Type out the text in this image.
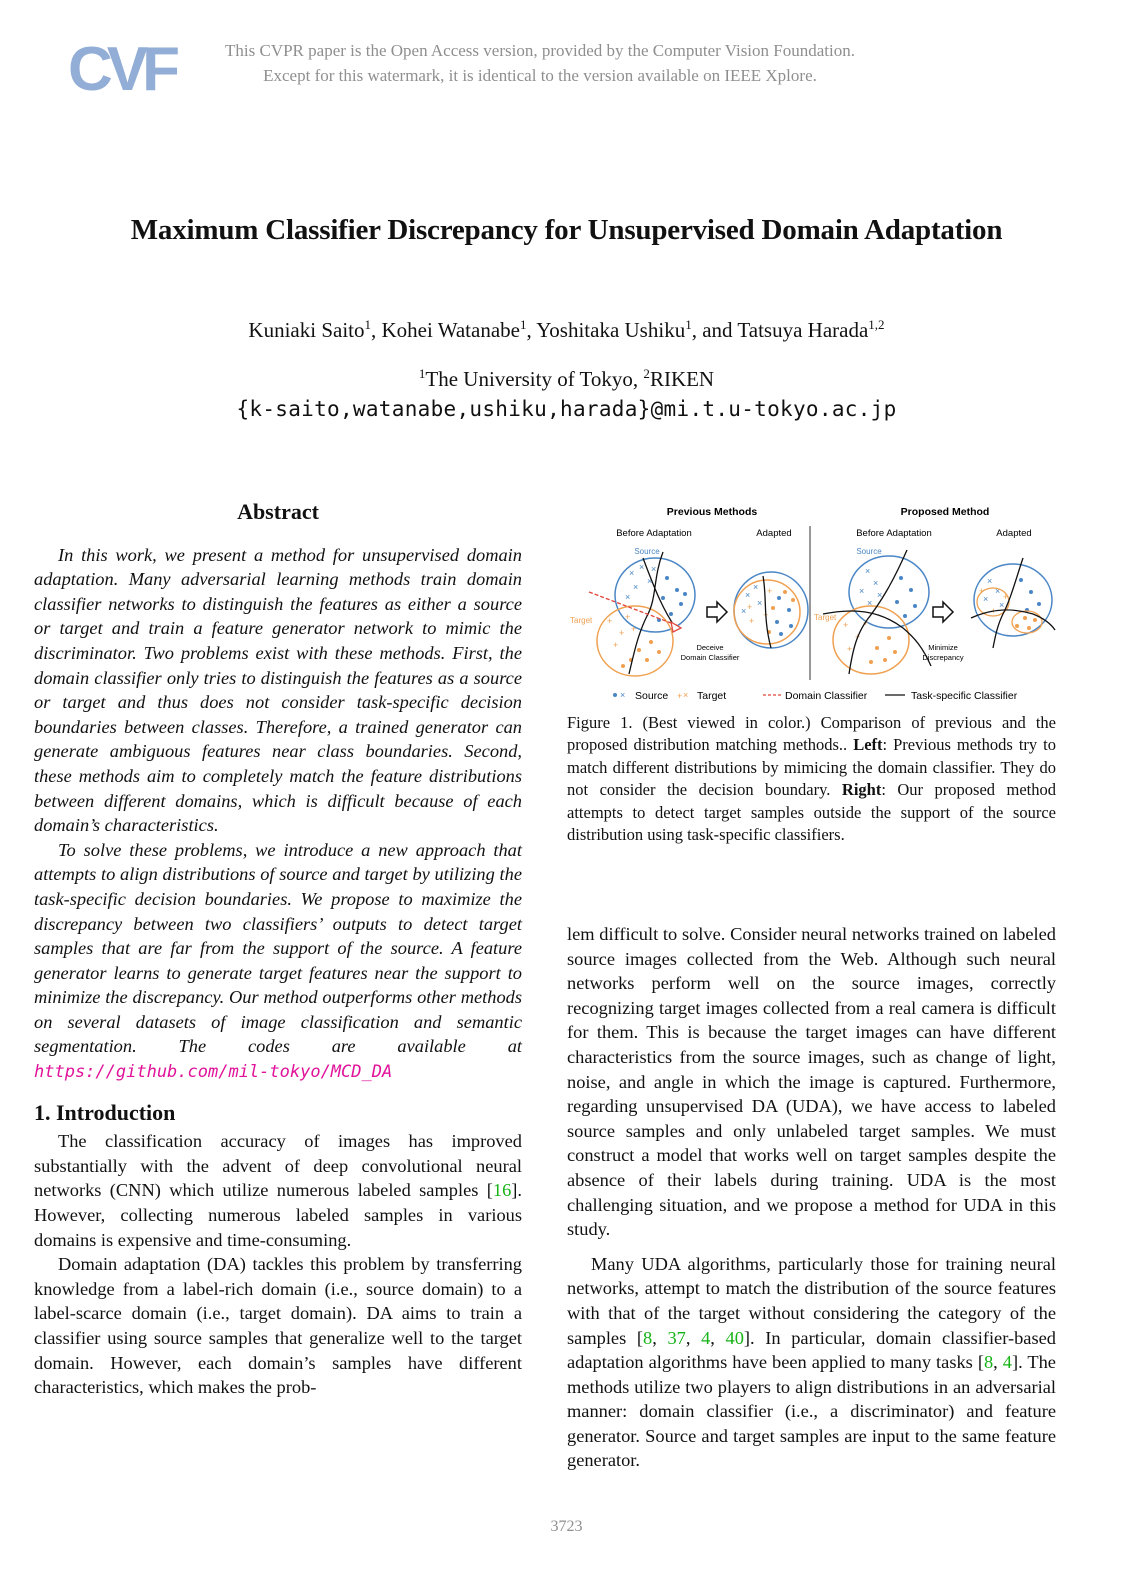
CVF	This CVPR paper is the Open Access version, provided by the Computer Vision Foundation.
Except for this watermark, it is identical to the version available on IEEE Xplore.
Maximum Classifier Discrepancy for Unsupervised Domain Adaptation
Kuniaki Saito$^1$, Kohei Watanabe$^1$, Yoshitaka Ushiku$^1$, and Tatsuya Harada$^{1,2}$
$^1$The University of Tokyo, $^2$RIKEN
{k-saito,watanabe,ushiku,harada}@mi.t.u-tokyo.ac.jp

Abstract

In this work, we present a method for unsupervised domain adaptation. Many adversarial learning methods train domain classifier networks to distinguish the features as either a source or target and train a feature generator network to mimic the discriminator. Two problems exist with these methods. First, the domain classifier only tries to distinguish the features as a source or target and thus does not consider task-specific decision boundaries between classes. Therefore, a trained generator can generate ambiguous features near class boundaries. Second, these methods aim to completely match the feature distributions between different domains, which is difficult because of each domain’s characteristics.

To solve these problems, we introduce a new approach that attempts to align distributions of source and target by utilizing the task-specific decision boundaries. We propose to maximize the discrepancy between two classifiers’ outputs to detect target samples that are far from the support of the source. A feature generator learns to generate target features near the support to minimize the discrepancy. Our method outperforms other methods on several datasets of image classification and semantic segmentation. The codes are available at https://github.com/mil-tokyo/MCD_DA

1. Introduction

The classification accuracy of images has improved substantially with the advent of deep convolutional neural networks (CNN) which utilize numerous labeled samples [16]. However, collecting numerous labeled samples in various domains is expensive and time-consuming.

Domain adaptation (DA) tackles this problem by transferring knowledge from a label-rich domain (i.e., source domain) to a label-scarce domain (i.e., target domain). DA aims to train a classifier using source samples that generalize well to the target domain. However, each domain’s samples have different characteristics, which makes the prob-

Previous Methods	Proposed Method
Before Adaptation	Adapted	Before Adaptation	Adapted
Source
Target
×
×
×
×
×
×
+
+
+
+
+
Deceive
Domain Classifier
×
×
×
×
+
+
+
+
Source
Target
×
×
× ×
×
+
+
+
+
Minimize
Discrepancy
×
×
×
×
+
+
+
× Source + × Target	Domain Classifier	Task-specific Classifier
Figure 1. (Best viewed in color.) Comparison of previous and the proposed distribution matching methods.. Left: Previous methods try to match different distributions by mimicing the domain classifier. They do not consider the decision boundary. Right: Our proposed method attempts to detect target samples outside the support of the source distribution using task-specific classifiers.

lem difficult to solve. Consider neural networks trained on labeled source images collected from the Web. Although such neural networks perform well on the source images, correctly recognizing target images collected from a real camera is difficult for them. This is because the target images can have different characteristics from the source images, such as change of light, noise, and angle in which the image is captured. Furthermore, regarding unsupervised DA (UDA), we have access to labeled source samples and only unlabeled target samples. We must construct a model that works well on target samples despite the absence of their labels during training. UDA is the most challenging situation, and we propose a method for UDA in this study.

Many UDA algorithms, particularly those for training neural networks, attempt to match the distribution of the source features with that of the target without considering the category of the samples [8, 37, 4, 40]. In particular, domain classifier-based adaptation algorithms have been applied to many tasks [8, 4]. The methods utilize two players to align distributions in an adversarial manner: domain classifier (i.e., a discriminator) and feature generator. Source and target samples are input to the same feature generator.

3723
